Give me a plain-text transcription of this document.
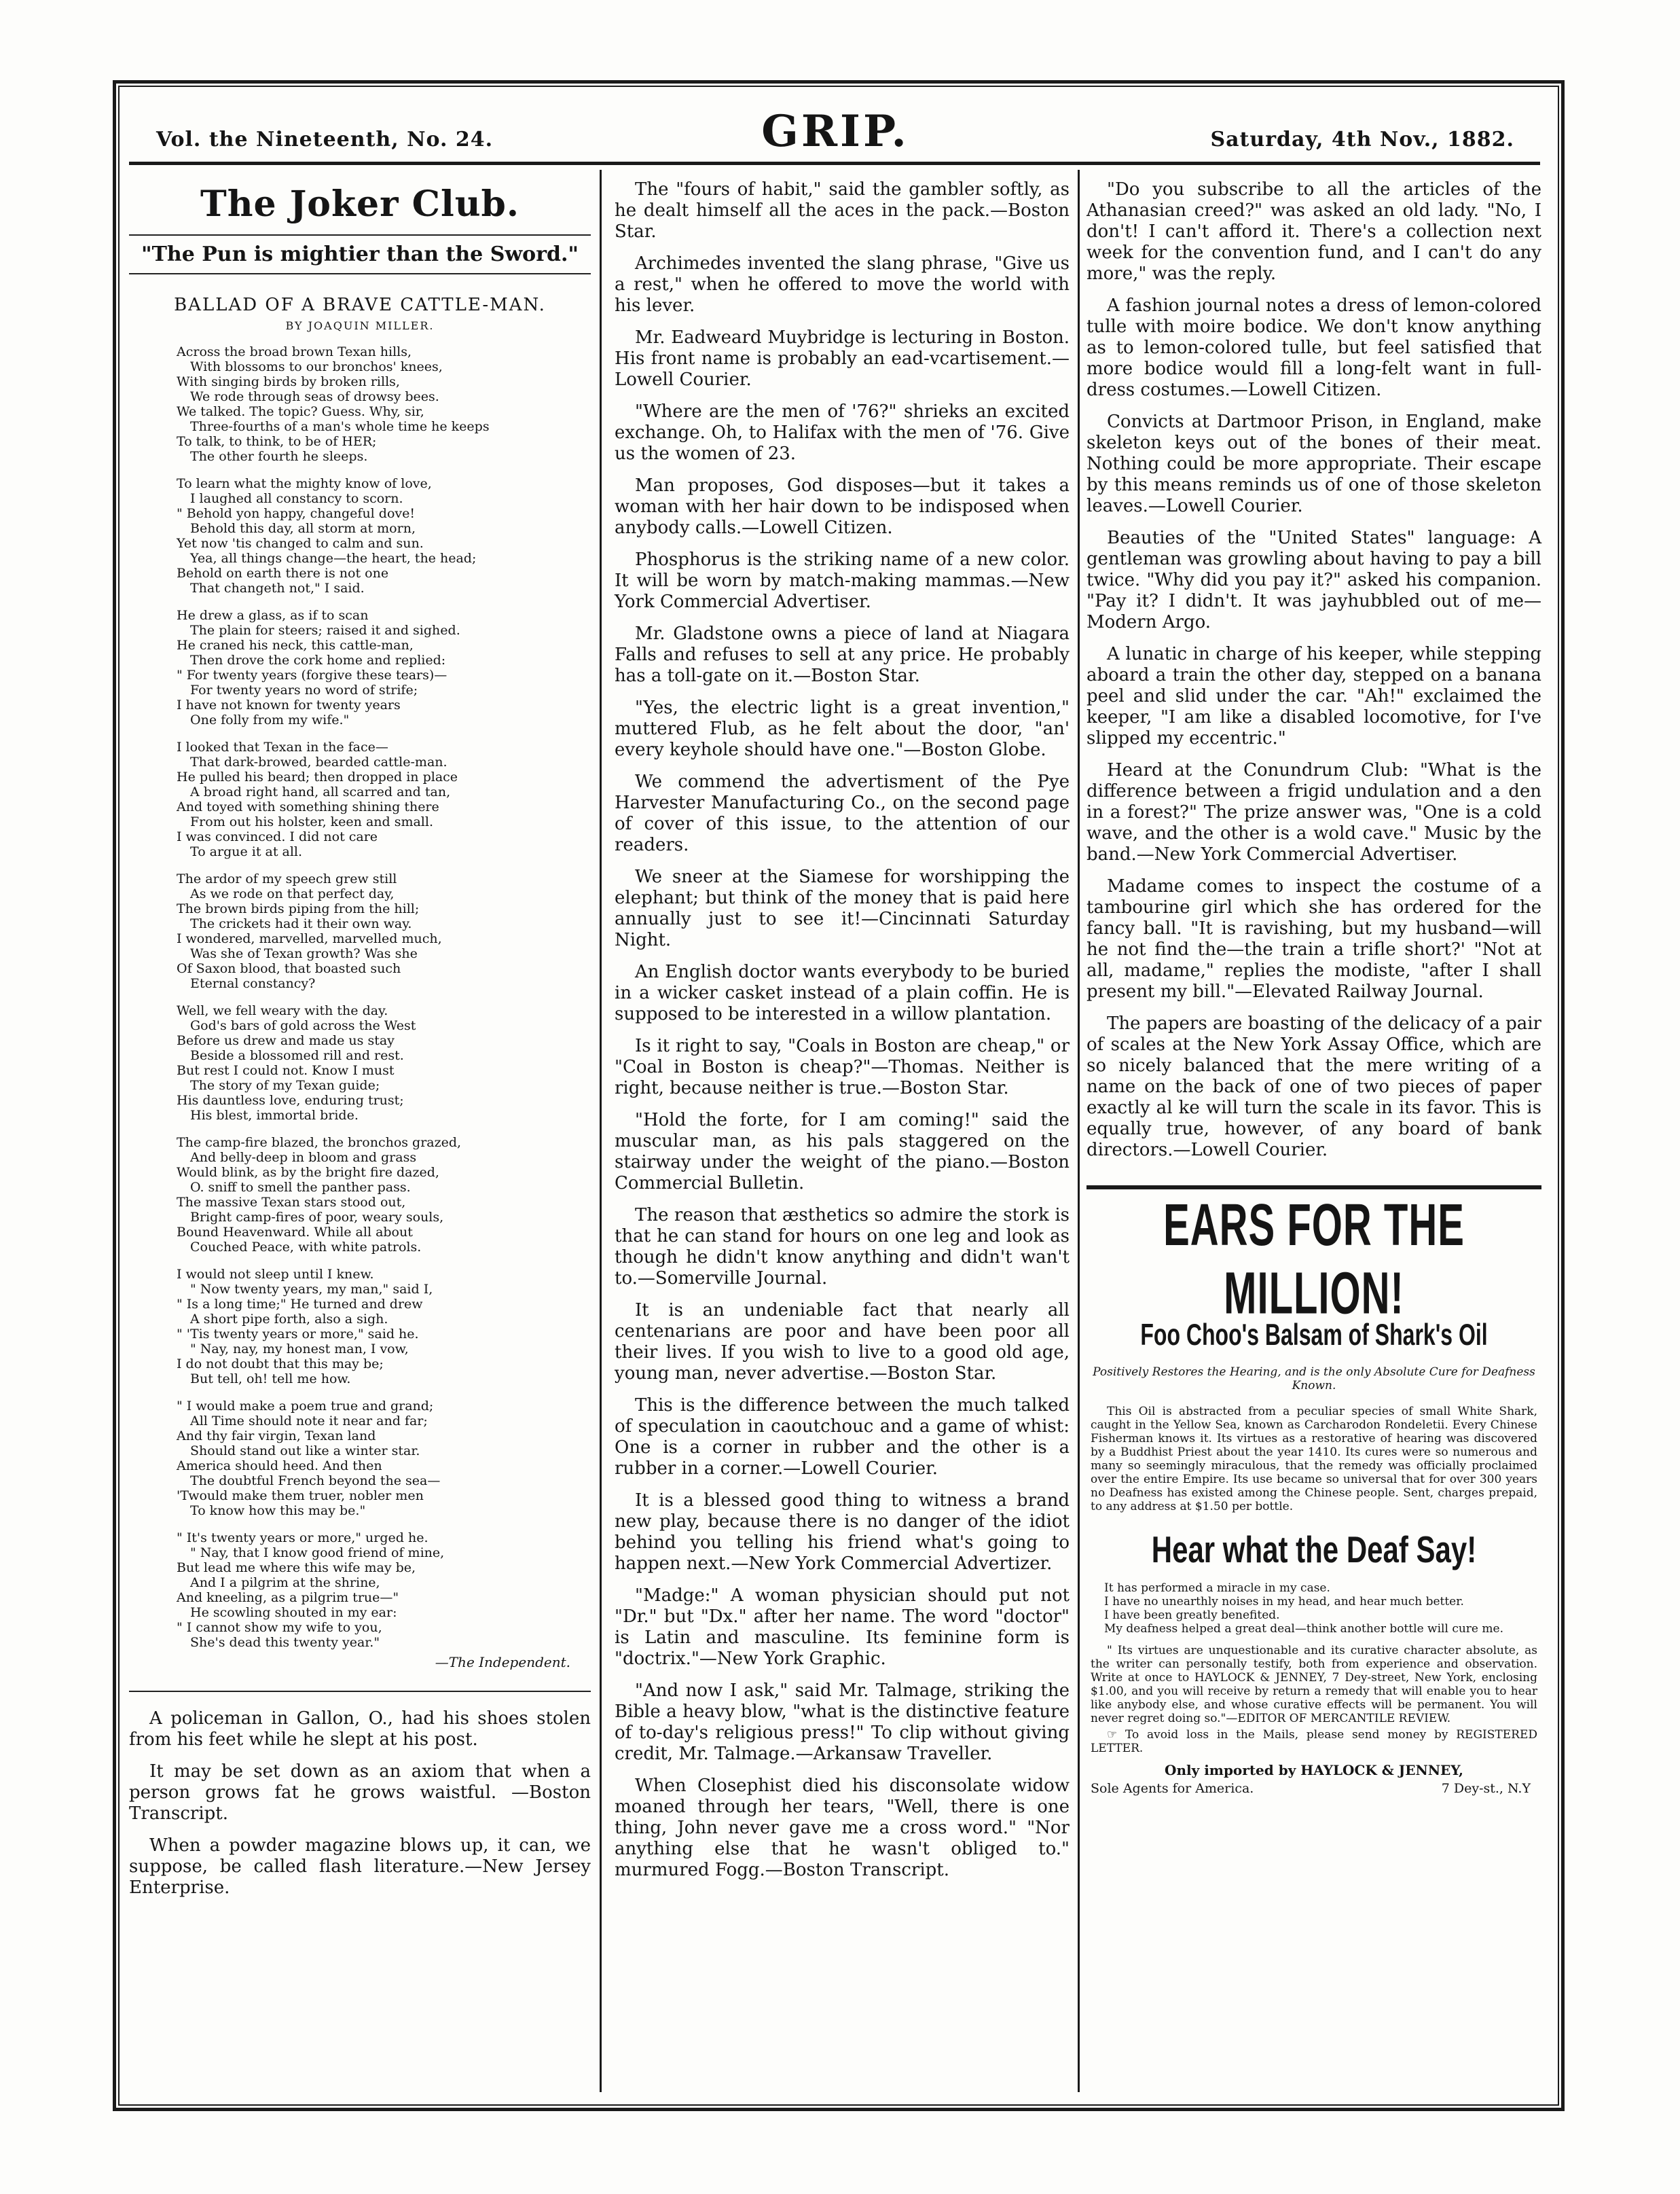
Vol. the Nineteenth, No. 24.	GRIP.	Saturday, 4th Nov., 1882.
The Joker Club.
"The Pun is mightier than the Sword."
BALLAD OF A BRAVE CATTLE-MAN.
BY JOAQUIN MILLER.
Across the broad brown Texan hills,
With blossoms to our bronchos' knees,
With singing birds by broken rills,
We rode through seas of drowsy bees.
We talked. The topic? Guess. Why, sir,
Three-fourths of a man's whole time he keeps
To talk, to think, to be of HER;
The other fourth he sleeps.
To learn what the mighty know of love,
I laughed all constancy to scorn.
" Behold yon happy, changeful dove!
Behold this day, all storm at morn,
Yet now 'tis changed to calm and sun.
Yea, all things change—the heart, the head;
Behold on earth there is not one
That changeth not," I said.
He drew a glass, as if to scan
The plain for steers; raised it and sighed.
He craned his neck, this cattle-man,
Then drove the cork home and replied:
" For twenty years (forgive these tears)—
For twenty years no word of strife;
I have not known for twenty years
One folly from my wife."
I looked that Texan in the face—
That dark-browed, bearded cattle-man.
He pulled his beard; then dropped in place
A broad right hand, all scarred and tan,
And toyed with something shining there
From out his holster, keen and small.
I was convinced. I did not care
To argue it at all.
The ardor of my speech grew still
As we rode on that perfect day,
The brown birds piping from the hill;
The crickets had it their own way.
I wondered, marvelled, marvelled much,
Was she of Texan growth? Was she
Of Saxon blood, that boasted such
Eternal constancy?
Well, we fell weary with the day.
God's bars of gold across the West
Before us drew and made us stay
Beside a blossomed rill and rest.
But rest I could not. Know I must
The story of my Texan guide;
His dauntless love, enduring trust;
His blest, immortal bride.
The camp-fire blazed, the bronchos grazed,
And belly-deep in bloom and grass
Would blink, as by the bright fire dazed,
O. sniff to smell the panther pass.
The massive Texan stars stood out,
Bright camp-fires of poor, weary souls,
Bound Heavenward. While all about
Couched Peace, with white patrols.
I would not sleep until I knew.
" Now twenty years, my man," said I,
" Is a long time;" He turned and drew
A short pipe forth, also a sigh.
" 'Tis twenty years or more," said he.
" Nay, nay, my honest man, I vow,
I do not doubt that this may be;
But tell, oh! tell me how.
" I would make a poem true and grand;
All Time should note it near and far;
And thy fair virgin, Texan land
Should stand out like a winter star.
America should heed. And then
The doubtful French beyond the sea—
'Twould make them truer, nobler men
To know how this may be."
" It's twenty years or more," urged he.
" Nay, that I know good friend of mine,
But lead me where this wife may be,
And I a pilgrim at the shrine,
And kneeling, as a pilgrim true—"
He scowling shouted in my ear:
" I cannot show my wife to you,
She's dead this twenty year."
—The Independent.

A policeman in Gallon, O., had his shoes stolen from his feet while he slept at his post.

It may be set down as an axiom that when a person grows fat he grows waistful. —Boston Transcript.

When a powder magazine blows up, it can, we suppose, be called flash literature.—New Jersey Enterprise.

The "fours of habit," said the gambler softly, as he dealt himself all the aces in the pack.—Boston Star.

Archimedes invented the slang phrase, "Give us a rest," when he offered to move the world with his lever.

Mr. Eadweard Muybridge is lecturing in Boston. His front name is probably an ead-vcartisement.—Lowell Courier.

"Where are the men of '76?" shrieks an excited exchange. Oh, to Halifax with the men of '76. Give us the women of 23.

Man proposes, God disposes—but it takes a woman with her hair down to be indisposed when anybody calls.—Lowell Citizen.

Phosphorus is the striking name of a new color. It will be worn by match-making mammas.—New York Commercial Advertiser.

Mr. Gladstone owns a piece of land at Niagara Falls and refuses to sell at any price. He probably has a toll-gate on it.—Boston Star.

"Yes, the electric light is a great invention," muttered Flub, as he felt about the door, "an' every keyhole should have one."—Boston Globe.

We commend the advertisment of the Pye Harvester Manufacturing Co., on the second page of cover of this issue, to the attention of our readers.

We sneer at the Siamese for worshipping the elephant; but think of the money that is paid here annually just to see it!—Cincinnati Saturday Night.

An English doctor wants everybody to be buried in a wicker casket instead of a plain coffin. He is supposed to be interested in a willow plantation.

Is it right to say, "Coals in Boston are cheap," or "Coal in Boston is cheap?"—Thomas. Neither is right, because neither is true.—Boston Star.

"Hold the forte, for I am coming!" said the muscular man, as his pals staggered on the stairway under the weight of the piano.—Boston Commercial Bulletin.

The reason that æsthetics so admire the stork is that he can stand for hours on one leg and look as though he didn't know anything and didn't wan't to.—Somerville Journal.

It is an undeniable fact that nearly all centenarians are poor and have been poor all their lives. If you wish to live to a good old age, young man, never advertise.—Boston Star.

This is the difference between the much talked of speculation in caoutchouc and a game of whist: One is a corner in rubber and the other is a rubber in a corner.—Lowell Courier.

It is a blessed good thing to witness a brand new play, because there is no danger of the idiot behind you telling his friend what's going to happen next.—New York Commercial Advertizer.

"Madge:" A woman physician should put not "Dr." but "Dx." after her name. The word "doctor" is Latin and masculine. Its feminine form is "doctrix."—New York Graphic.

"And now I ask," said Mr. Talmage, striking the Bible a heavy blow, "what is the distinctive feature of to-day's religious press!" To clip without giving credit, Mr. Talmage.—Arkansaw Traveller.

When Closephist died his disconsolate widow moaned through her tears, "Well, there is one thing, John never gave me a cross word." "Nor anything else that he wasn't obliged to." murmured Fogg.—Boston Transcript.

"Do you subscribe to all the articles of the Athanasian creed?" was asked an old lady. "No, I don't! I can't afford it. There's a collection next week for the convention fund, and I can't do any more," was the reply.

A fashion journal notes a dress of lemon-colored tulle with moire bodice. We don't know anything as to lemon-colored tulle, but feel satisfied that more bodice would fill a long-felt want in full-dress costumes.—Lowell Citizen.

Convicts at Dartmoor Prison, in England, make skeleton keys out of the bones of their meat. Nothing could be more appropriate. Their escape by this means reminds us of one of those skeleton leaves.—Lowell Courier.

Beauties of the "United States" language: A gentleman was growling about having to pay a bill twice. "Why did you pay it?" asked his companion. "Pay it? I didn't. It was jayhubbled out of me—Modern Argo.

A lunatic in charge of his keeper, while stepping aboard a train the other day, stepped on a banana peel and slid under the car. "Ah!" exclaimed the keeper, "I am like a disabled locomotive, for I've slipped my eccentric."

Heard at the Conundrum Club: "What is the difference between a frigid undulation and a den in a forest?" The prize answer was, "One is a cold wave, and the other is a wold cave." Music by the band.—New York Commercial Advertiser.

Madame comes to inspect the costume of a tambourine girl which she has ordered for the fancy ball. "It is ravishing, but my husband—will he not find the—the train a trifle short?' "Not at all, madame," replies the modiste, "after I shall present my bill."—Elevated Railway Journal.

The papers are boasting of the delicacy of a pair of scales at the New York Assay Office, which are so nicely balanced that the mere writing of a name on the back of one of two pieces of paper exactly al ke will turn the scale in its favor. This is equally true, however, of any board of bank directors.—Lowell Courier.

EARS FOR THE MILLION!
Foo Choo's Balsam of Shark's Oil
Positively Restores the Hearing, and is the only Absolute Cure for Deafness Known.
This Oil is abstracted from a peculiar species of small White Shark, caught in the Yellow Sea, known as Carcharodon Rondeletii. Every Chinese Fisherman knows it. Its virtues as a restorative of hearing was discovered by a Buddhist Priest about the year 1410. Its cures were so numerous and many so seemingly miraculous, that the remedy was officially proclaimed over the entire Empire. Its use became so universal that for over 300 years no Deafness has existed among the Chinese people. Sent, charges prepaid, to any address at $1.50 per bottle.
Hear what the Deaf Say!
It has performed a miracle in my case.
I have no unearthly noises in my head, and hear much better.
I have been greatly benefited.
My deafness helped a great deal—think another bottle will cure me.
" Its virtues are unquestionable and its curative character absolute, as the writer can personally testify, both from experience and observation. Write at once to HAYLOCK & JENNEY, 7 Dey-street, New York, enclosing $1.00, and you will receive by return a remedy that will enable you to hear like anybody else, and whose curative effects will be permanent. You will never regret doing so."—EDITOR OF MERCANTILE REVIEW.
☞ To avoid loss in the Mails, please send money by REGISTERED LETTER.
Only imported by HAYLOCK & JENNEY,
Sole Agents for America.	7 Dey-st., N.Y
